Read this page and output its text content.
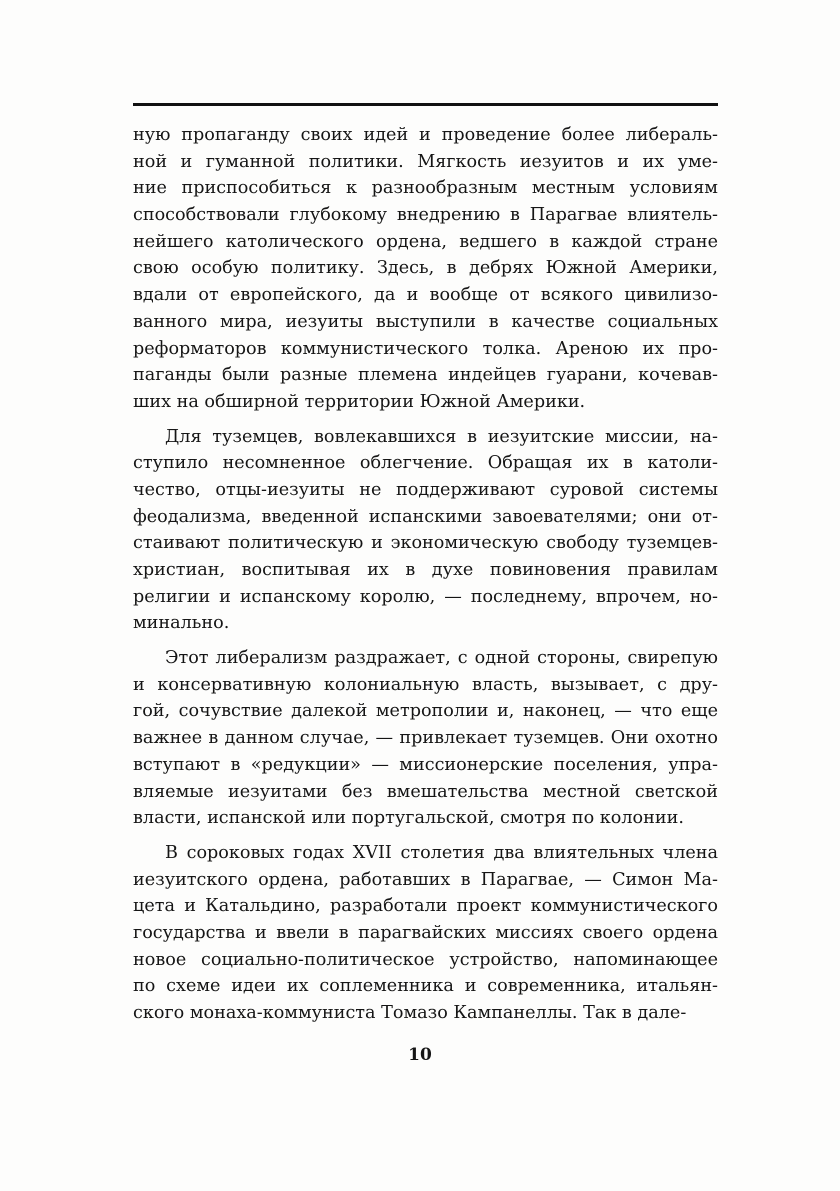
ную пропаганду своих идей и проведение более либераль-
ной и гуманной политики. Мягкость иезуитов и их уме-
ние приспособиться к разнообразным местным условиям
способствовали глубокому внедрению в Парагвае влиятель-
нейшего католического ордена, ведшего в каждой стране
свою особую политику. Здесь, в дебрях Южной Америки,
вдали от европейского, да и вообще от всякого цивилизо-
ванного мира, иезуиты выступили в качестве социальных
реформаторов коммунистического толка. Ареною их про-
паганды были разные племена индейцев гуарани, кочевав-
ших на обширной территории Южной Америки.
Для туземцев, вовлекавшихся в иезуитские миссии, на-
ступило несомненное облегчение. Обращая их в католи-
чество, отцы-иезуиты не поддерживают суровой системы
феодализма, введенной испанскими завоевателями; они от-
стаивают политическую и экономическую свободу туземцев-
христиан, воспитывая их в духе повиновения правилам
религии и испанскому королю, — последнему, впрочем, но-
минально.
Этот либерализм раздражает, с одной стороны, свирепую
и консервативную колониальную власть, вызывает, с дру-
гой, сочувствие далекой метрополии и, наконец, — что еще
важнее в данном случае, — привлекает туземцев. Они охотно
вступают в «редукции» — миссионерские поселения, упра-
вляемые иезуитами без вмешательства местной светской
власти, испанской или португальской, смотря по колонии.
В сороковых годах XVII столетия два влиятельных члена
иезуитского ордена, работавших в Парагвае, — Симон Ма-
цета и Катальдино, разработали проект коммунистического
государства и ввели в парагвайских миссиях своего ордена
новое социально-политическое устройство, напоминающее
по схеме идеи их соплеменника и современника, итальян-
ского монаха-коммуниста Томазо Кампанеллы. Так в дале-
10
